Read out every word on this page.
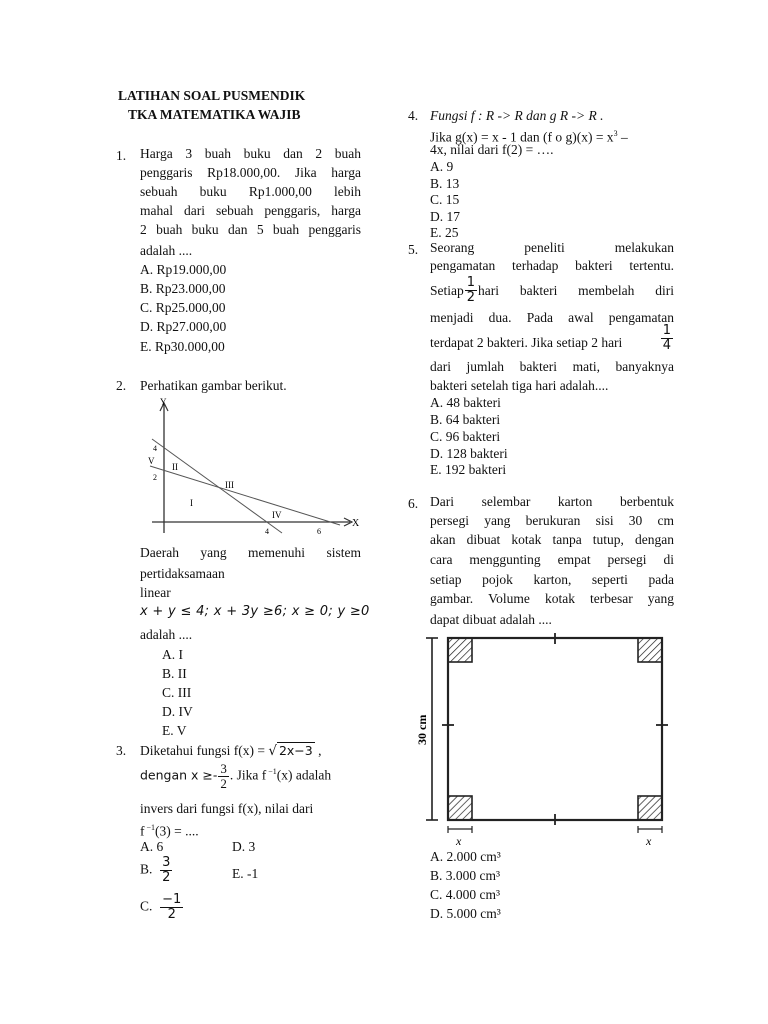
LATIHAN SOAL PUSMENDIK
TKA MATEMATIKA WAJIB
1. Harga 3 buah buku dan 2 buah
penggaris Rp18.000,00. Jika harga
sebuah buku Rp1.000,00 lebih
mahal dari sebuah penggaris, harga
2 buah buku dan 5 buah penggaris
adalah ....
A. Rp19.000,00
B. Rp23.000,00
C. Rp25.000,00
D. Rp27.000,00
E. Rp30.000,00
2. Perhatikan gambar berikut.
Y
X
4
2
4	6
I
II
III
IV
V
Daerah yang memenuhi sistem
pertidaksamaan
linear
x + y ≤ 4; x + 3y ≥6; x ≥ 0; y ≥0
adalah ....
A. I
B. II
C. III
D. IV
E. V
3. Diketahui fungsi f(x) = √ 2x−3 ,
dengan $x \ge- \frac{3}{2}$ . Jika f $^{-1}$(x) adalah
invers dari fungsi f(x), nilai dari
f $^{-1}$(3) = ....
A. 6	D. 3
B. $\frac{3}{2}$	E. -1
C. $\frac{-1}{2}$
4. Fungsi f : R -> R dan g R -> R .
Jika g(x) = x - 1 dan (f o $g)(x) = x^3$ –
4x, nilai dari f(2) = ….
A. 9
B. 13
C. 15
D. 17
E. 25
5. Seorang	peneliti	melakukan
pengamatan terhadap bakteri tertentu.
Setiap $\frac{1}{2}$ hari bakteri membelah diri
menjadi dua. Pada awal pengamatan
terdapat 2 bakteri. Jika setiap 2 hari	$\frac{1}{4}$
dari jumlah bakteri mati, banyaknya
bakteri setelah tiga hari adalah....
A. 48 bakteri
B. 64 bakteri
C. 96 bakteri
D. 128 bakteri
E. 192 bakteri
6. Dari selembar karton berbentuk
persegi yang berukuran sisi 30 cm
akan dibuat kotak tanpa tutup, dengan
cara menggunting empat persegi di
setiap pojok karton, seperti pada
gambar. Volume kotak terbesar yang
dapat dibuat adalah ....
30 cm
x	x
A. 2.000 cm³
B. 3.000 cm³
C. 4.000 cm³
D. 5.000 cm³
